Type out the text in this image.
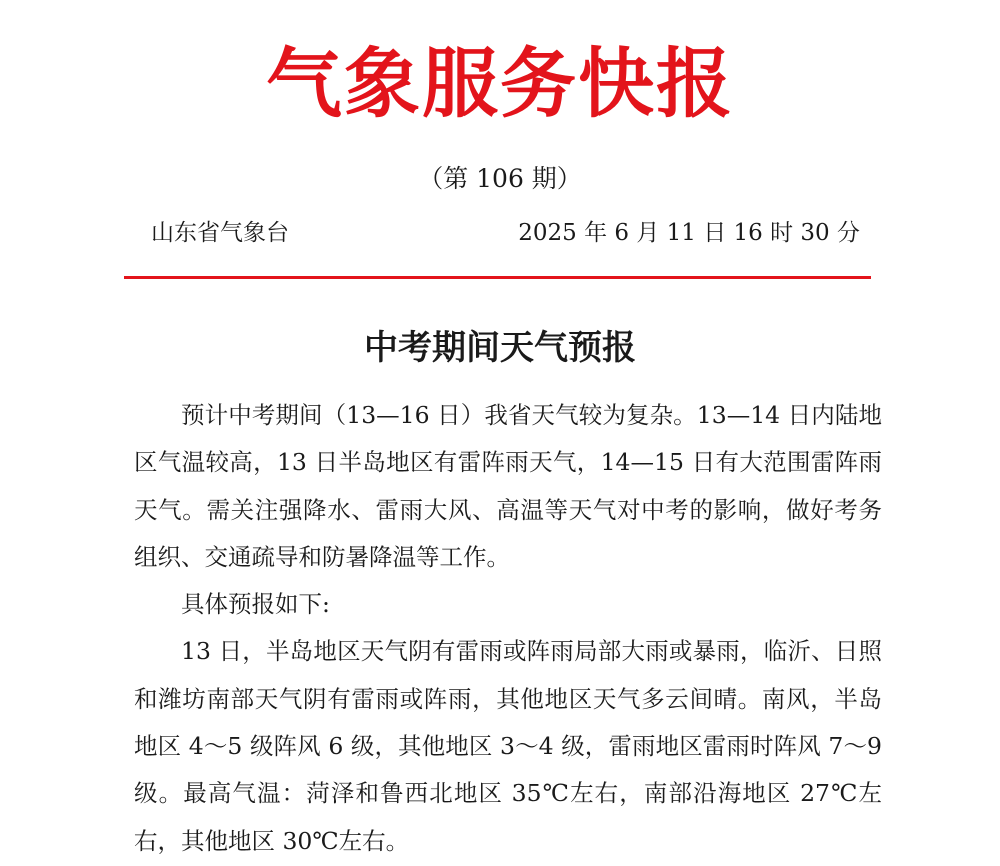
气象服务快报
（第 106 期）
山东省气象台	2025 年 6 月 11 日 16 时 30 分
中考期间天气预报

预计中考期间（13—16 日）我省天气较为复杂。13—14 日内陆地区气温较高，13 日半岛地区有雷阵雨天气，14—15 日有大范围雷阵雨天气。需关注强降水、雷雨大风、高温等天气对中考的影响，做好考务组织、交通疏导和防暑降温等工作。

具体预报如下:

13 日，半岛地区天气阴有雷雨或阵雨局部大雨或暴雨，临沂、日照和潍坊南部天气阴有雷雨或阵雨，其他地区天气多云间晴。南风，半岛地区 4～5 级阵风 6 级，其他地区 3～4 级，雷雨地区雷雨时阵风 7～9 级。最高气温：菏泽和鲁西北地区 35℃左右，南部沿海地区 27℃左右，其他地区 30℃左右。
